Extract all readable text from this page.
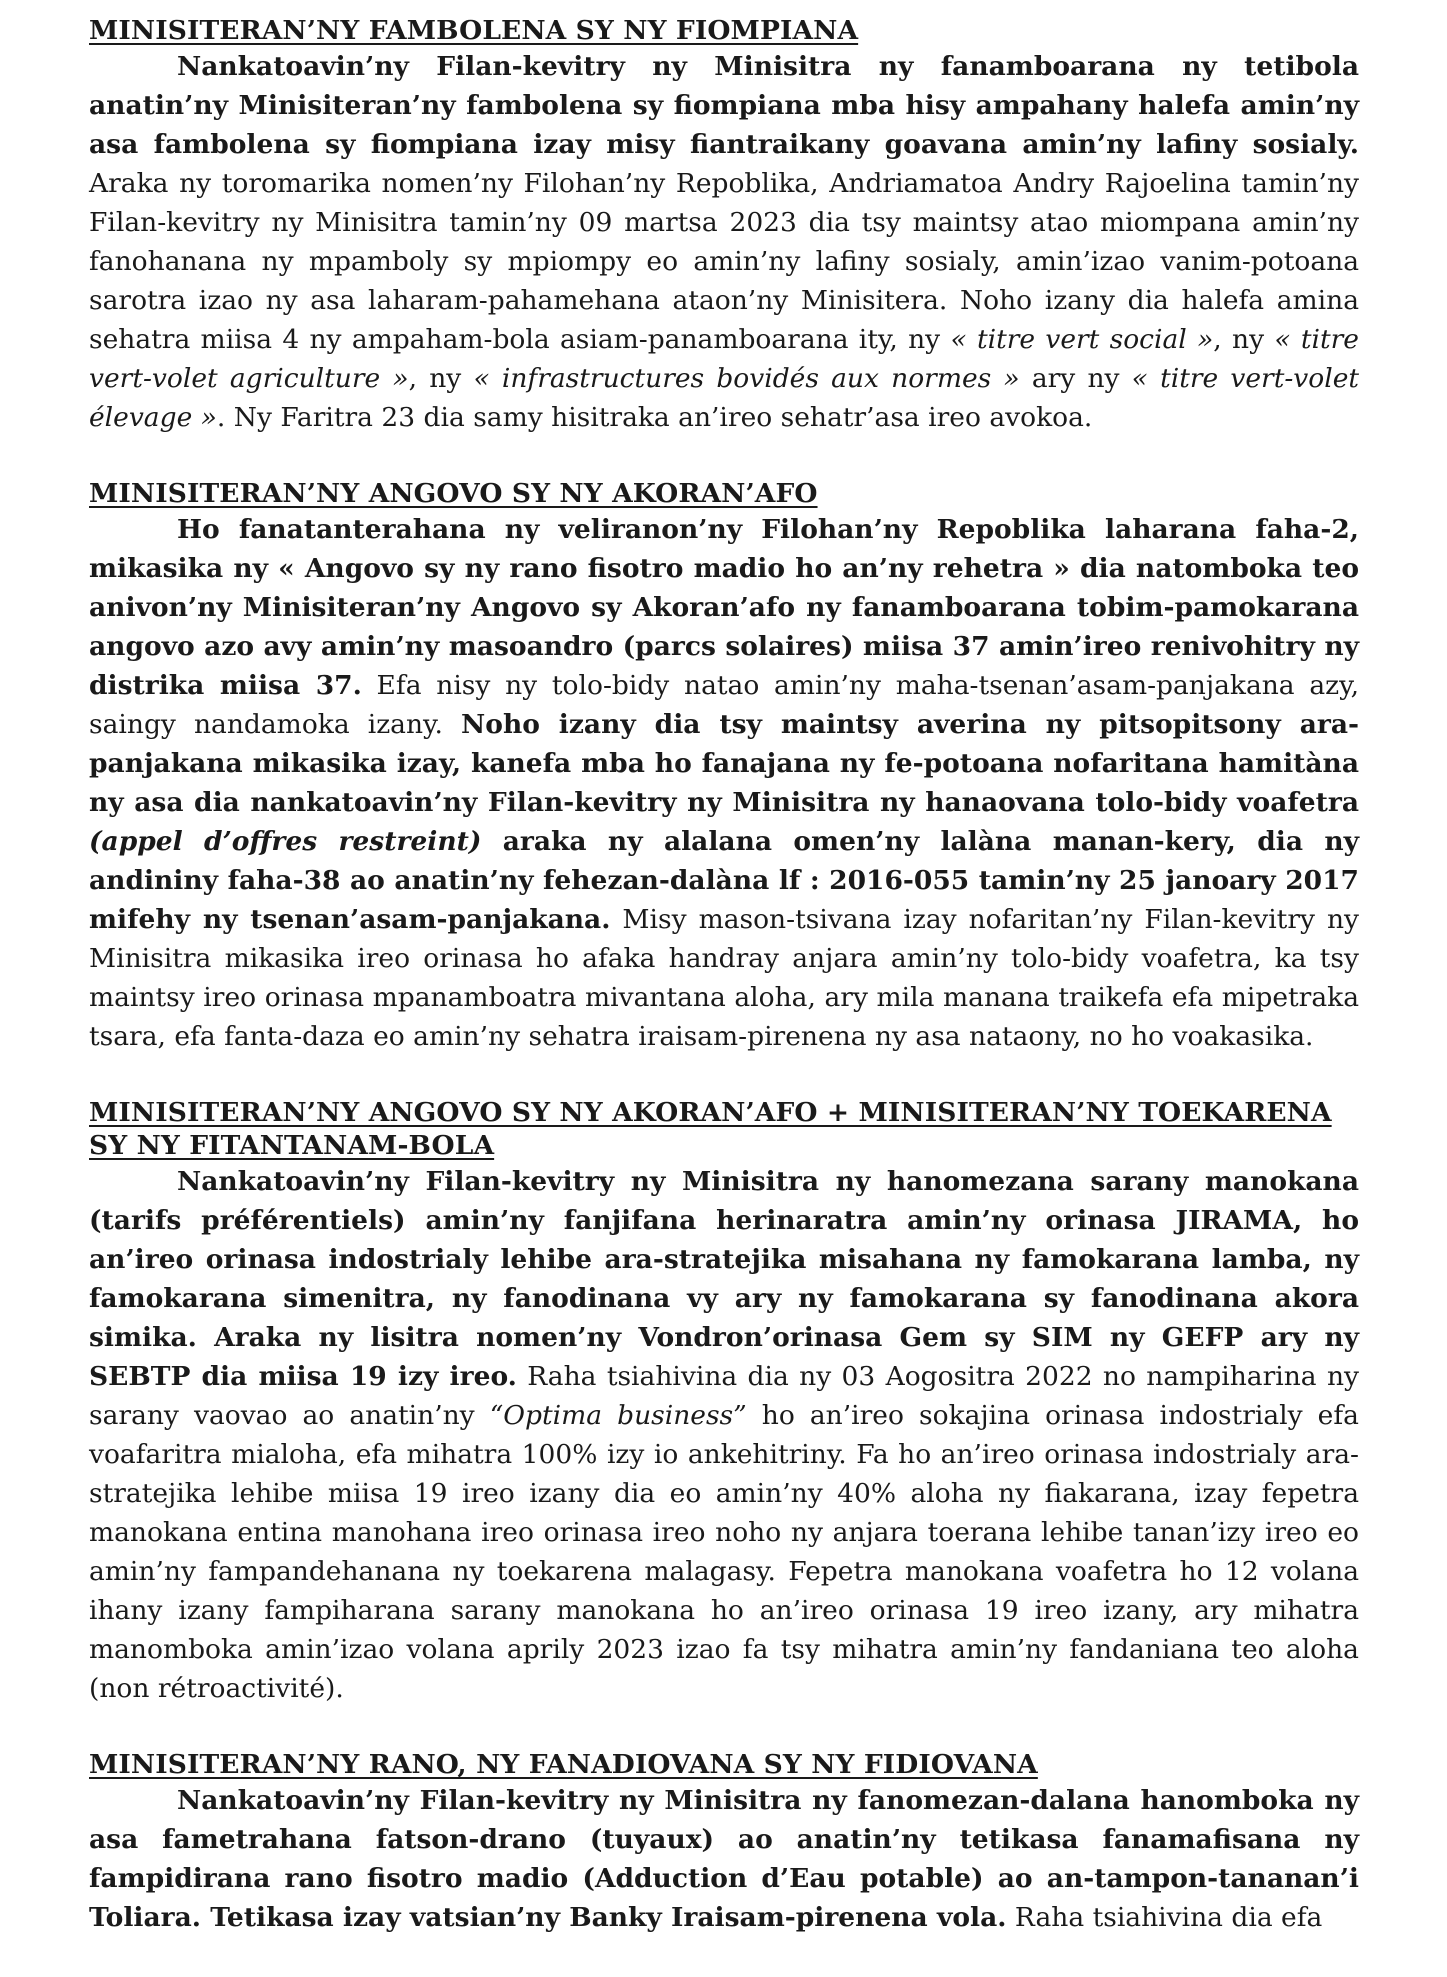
MINISITERAN’NY FAMBOLENA SY NY FIOMPIANA

Nankatoavin’ny Filan-kevitry ny Minisitra ny fanamboarana ny tetibola anatin’ny Minisiteran’ny fambolena sy fiompiana mba hisy ampahany halefa amin’ny asa fambolena sy fiompiana izay misy fiantraikany goavana amin’ny lafiny sosialy. Araka ny toromarika nomen’ny Filohan’ny Repoblika, Andriamatoa Andry Rajoelina tamin’ny Filan-kevitry ny Minisitra tamin’ny 09 martsa 2023 dia tsy maintsy atao miompana amin’ny fanohanana ny mpamboly sy mpiompy eo amin’ny lafiny sosialy, amin’izao vanim-potoana sarotra izao ny asa laharam-pahamehana ataon’ny Minisitera. Noho izany dia halefa amina sehatra miisa 4 ny ampaham-bola asiam-panamboarana ity, ny « titre vert social », ny « titre vert-volet agriculture », ny « infrastructures bovidés aux normes » ary ny « titre vert-volet élevage ». Ny Faritra 23 dia samy hisitraka an’ireo sehatr’asa ireo avokoa.

MINISITERAN’NY ANGOVO SY NY AKORAN’AFO

Ho fanatanterahana ny veliranon’ny Filohan’ny Repoblika laharana faha-2, mikasika ny « Angovo sy ny rano fisotro madio ho an’ny rehetra » dia natomboka teo anivon’ny Minisiteran’ny Angovo sy Akoran’afo ny fanamboarana tobim-pamokarana angovo azo avy amin’ny masoandro (parcs solaires) miisa 37 amin’ireo renivohitry ny distrika miisa 37. Efa nisy ny tolo-bidy natao amin’ny maha-tsenan’asam-panjakana azy, saingy nandamoka izany. Noho izany dia tsy maintsy averina ny pitsopitsony ara-panjakana mikasika izay, kanefa mba ho fanajana ny fe-potoana nofaritana hamitàna ny asa dia nankatoavin’ny Filan-kevitry ny Minisitra ny hanaovana tolo-bidy voafetra (appel d’offres restreint) araka ny alalana omen’ny lalàna manan-kery, dia ny andininy faha-38 ao anatin’ny fehezan-dalàna lf : 2016-055 tamin’ny 25 janoary 2017 mifehy ny tsenan’asam-panjakana. Misy mason-tsivana izay nofaritan’ny Filan-kevitry ny Minisitra mikasika ireo orinasa ho afaka handray anjara amin’ny tolo-bidy voafetra, ka tsy maintsy ireo orinasa mpanamboatra mivantana aloha, ary mila manana traikefa efa mipetraka tsara, efa fanta-daza eo amin’ny sehatra iraisam-pirenena ny asa nataony, no ho voakasika.

MINISITERAN’NY ANGOVO SY NY AKORAN’AFO + MINISITERAN’NY TOEKARENA SY NY FITANTANAM-BOLA

Nankatoavin’ny Filan-kevitry ny Minisitra ny hanomezana sarany manokana (tarifs préférentiels) amin’ny fanjifana herinaratra amin’ny orinasa JIRAMA, ho an’ireo orinasa indostrialy lehibe ara-stratejika misahana ny famokarana lamba, ny famokarana simenitra, ny fanodinana vy ary ny famokarana sy fanodinana akora simika. Araka ny lisitra nomen’ny Vondron’orinasa Gem sy SIM ny GEFP ary ny SEBTP dia miisa 19 izy ireo. Raha tsiahivina dia ny 03 Aogositra 2022 no nampiharina ny sarany vaovao ao anatin’ny “Optima business” ho an’ireo sokajina orinasa indostrialy efa voafaritra mialoha, efa mihatra 100% izy io ankehitriny. Fa ho an’ireo orinasa indostrialy ara-stratejika lehibe miisa 19 ireo izany dia eo amin’ny 40% aloha ny fiakarana, izay fepetra manokana entina manohana ireo orinasa ireo noho ny anjara toerana lehibe tanan’izy ireo eo amin’ny fampandehanana ny toekarena malagasy. Fepetra manokana voafetra ho 12 volana ihany izany fampiharana sarany manokana ho an’ireo orinasa 19 ireo izany, ary mihatra manomboka amin’izao volana aprily 2023 izao fa tsy mihatra amin’ny fandaniana teo aloha (non rétroactivité).

MINISITERAN’NY RANO, NY FANADIOVANA SY NY FIDIOVANA

Nankatoavin’ny Filan-kevitry ny Minisitra ny fanomezan-dalana hanomboka ny asa fametrahana fatson-drano (tuyaux) ao anatin’ny tetikasa fanamafisana ny fampidirana rano fisotro madio (Adduction d’Eau potable) ao an-tampon-tananan’i Toliara. Tetikasa izay vatsian’ny Banky Iraisam-pirenena vola. Raha tsiahivina dia efa
